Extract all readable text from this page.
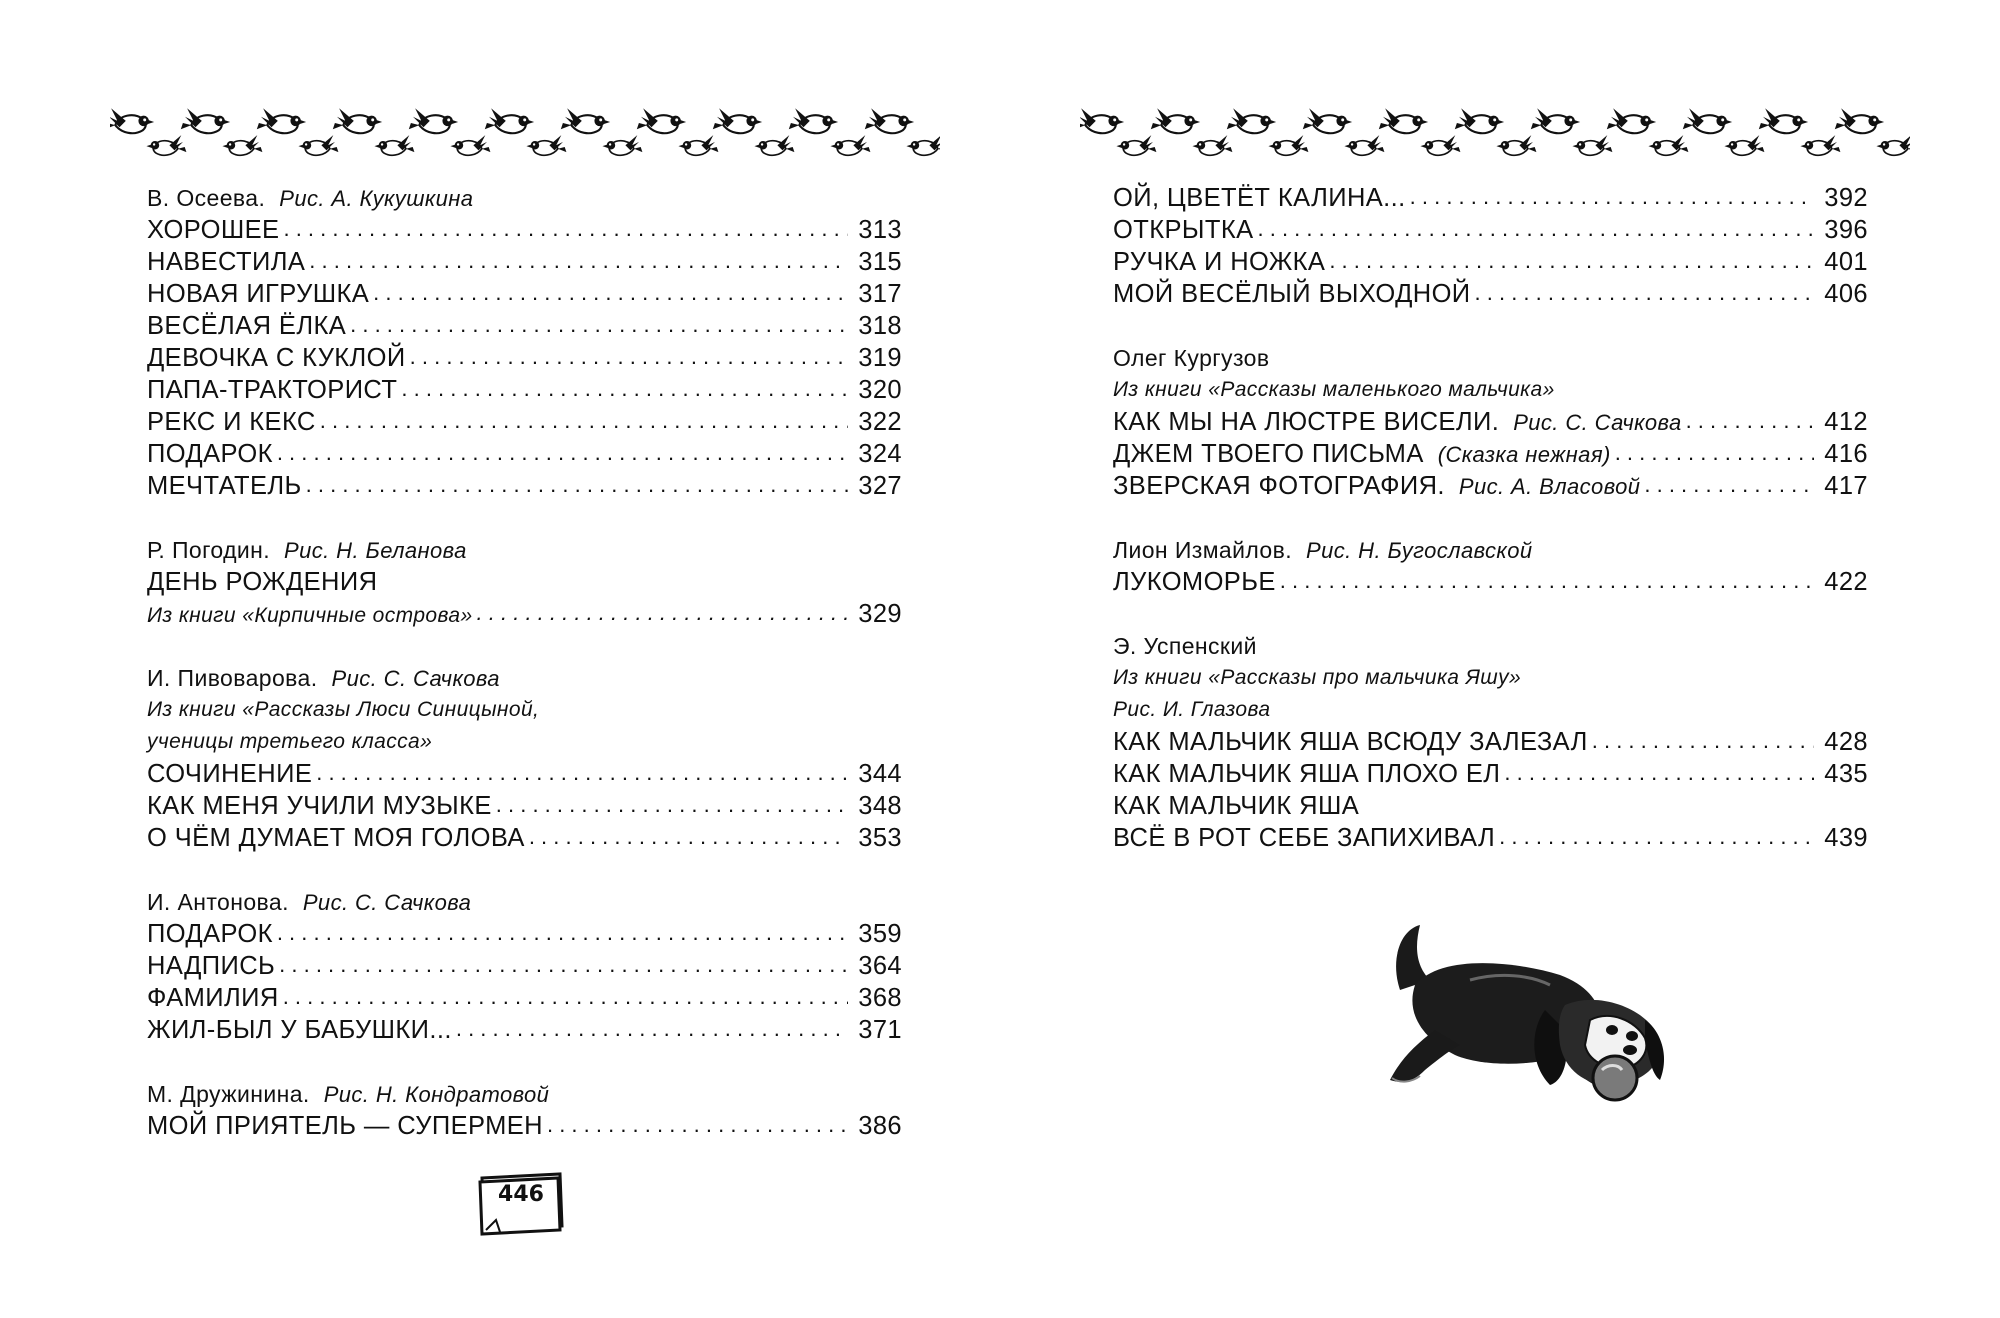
В. Осеева. Рис. А. Кукушкина
ХОРОШЕЕ . . .	313
НАВЕСТИЛА . . .	315
НОВАЯ ИГРУШКА . . .	317
ВЕСЁЛАЯ ЁЛКА . . .	318
ДЕВОЧКА С КУКЛОЙ . . .	319
ПАПА-ТРАКТОРИСТ . . .	320
РЕКС И КЕКС . . .	322
ПОДАРОК . . .	324
МЕЧТАТЕЛЬ . . .	327
Р. Погодин. Рис. Н. Беланова
ДЕНЬ РОЖДЕНИЯ
Из книги «Кирпичные острова» . . .	329
И. Пивоварова. Рис. С. Сачкова
Из книги «Рассказы Люси Синицыной,
ученицы третьего класса»
СОЧИНЕНИЕ . . .	344
КАК МЕНЯ УЧИЛИ МУЗЫКЕ . . .	348
О ЧЁМ ДУМАЕТ МОЯ ГОЛОВА . . .	353
И. Антонова. Рис. С. Сачкова
ПОДАРОК . . .	359
НАДПИСЬ . . .	364
ФАМИЛИЯ . . .	368
ЖИЛ-БЫЛ У БАБУШКИ... . . .	371
М. Дружинина. Рис. Н. Кондратовой
МОЙ ПРИЯТЕЛЬ — СУПЕРМЕН . . .	386
446
ОЙ, ЦВЕТЁТ КАЛИНА... . . .	392
ОТКРЫТКА . . .	396
РУЧКА И НОЖКА . . .	401
МОЙ ВЕСЁЛЫЙ ВЫХОДНОЙ . . .	406
Олег Кургузов
Из книги «Рассказы маленького мальчика»
КАК МЫ НА ЛЮСТРЕ ВИСЕЛИ. Рис. С. Сачкова . . .	412
ДЖЕМ ТВОЕГО ПИСЬМА (Сказка нежная) . . .	416
ЗВЕРСКАЯ ФОТОГРАФИЯ. Рис. А. Власовой . . .	417
Лион Измайлов. Рис. Н. Бугославской
ЛУКОМОРЬЕ . . .	422
Э. Успенский
Из книги «Рассказы про мальчика Яшу»
Рис. И. Глазова
КАК МАЛЬЧИК ЯША ВСЮДУ ЗАЛЕЗАЛ . . .	428
КАК МАЛЬЧИК ЯША ПЛОХО ЕЛ . . .	435
КАК МАЛЬЧИК ЯША
ВСЁ В РОТ СЕБЕ ЗАПИХИВАЛ . . .	439
